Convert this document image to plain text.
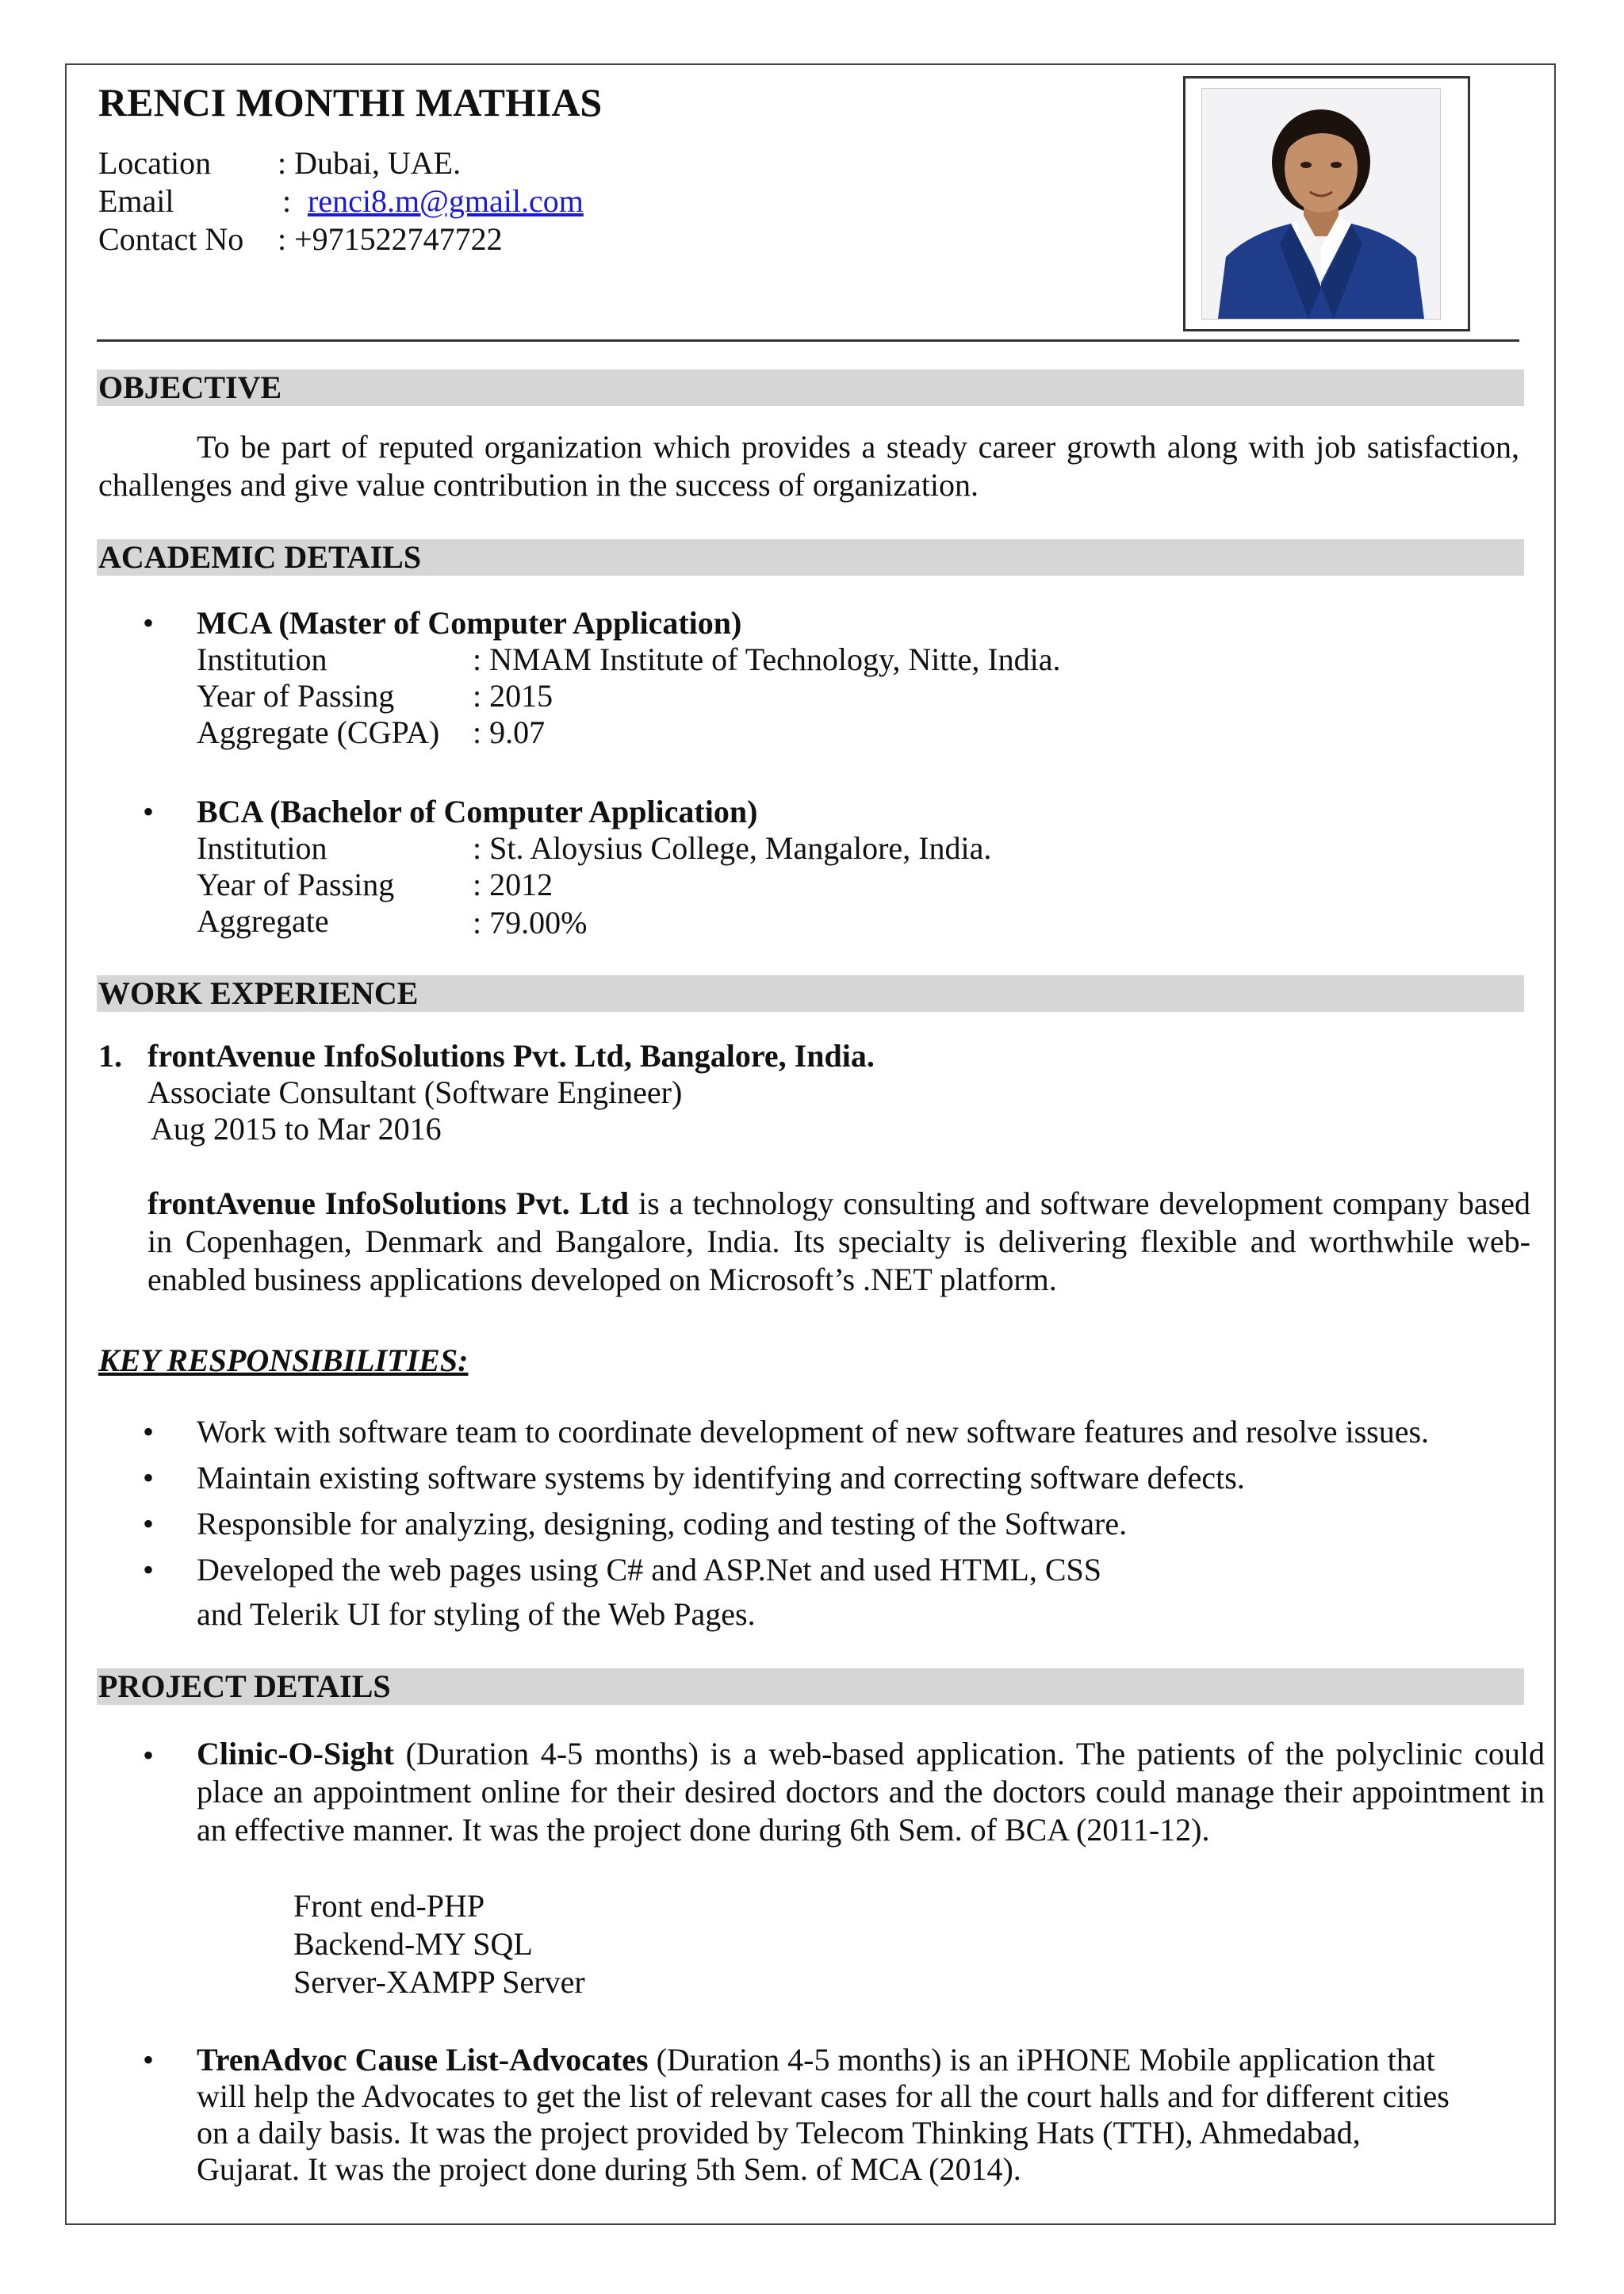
RENCI MONTHI MATHIAS
Location : Dubai, UAE.
Email	: renci8.m@gmail.com
Contact No : +971522747722
OBJECTIVE
To be part of reputed organization which provides a steady career growth along with job satisfaction, challenges and give value contribution in the success of organization.
ACADEMIC DETAILS
• MCA (Master of Computer Application)
Institution	: NMAM Institute of Technology, Nitte, India.
Year of Passing : 2015
Aggregate (CGPA) : 9.07
• BCA (Bachelor of Computer Application)
Institution	: St. Aloysius College, Mangalore, India.
Year of Passing : 2012
Aggregate	: 79.00%
WORK EXPERIENCE
1. frontAvenue InfoSolutions Pvt. Ltd, Bangalore, India.
Associate Consultant (Software Engineer)
Aug 2015 to Mar 2016
frontAvenue InfoSolutions Pvt. Ltd is a technology consulting and software development company based in Copenhagen, Denmark and Bangalore, India. Its specialty is delivering flexible and worthwhile web-enabled business applications developed on Microsoft’s .NET platform.
KEY RESPONSIBILITIES:
• Work with software team to coordinate development of new software features and resolve issues.
• Maintain existing software systems by identifying and correcting software defects.
• Responsible for analyzing, designing, coding and testing of the Software.
• Developed the web pages using C# and ASP.Net and used HTML, CSS
and Telerik UI for styling of the Web Pages.
PROJECT DETAILS
• Clinic-O-Sight (Duration 4-5 months) is a web-based application. The patients of the polyclinic could place an appointment online for their desired doctors and the doctors could manage their appointment in an effective manner. It was the project done during 6th Sem. of BCA (2011-12).
Front end-PHP
Backend-MY SQL
Server-XAMPP Server
• TrenAdvoc Cause List-Advocates (Duration 4-5 months) is an iPHONE Mobile application that
will help the Advocates to get the list of relevant cases for all the court halls and for different cities
on a daily basis. It was the project provided by Telecom Thinking Hats (TTH), Ahmedabad,
Gujarat. It was the project done during 5th Sem. of MCA (2014).
